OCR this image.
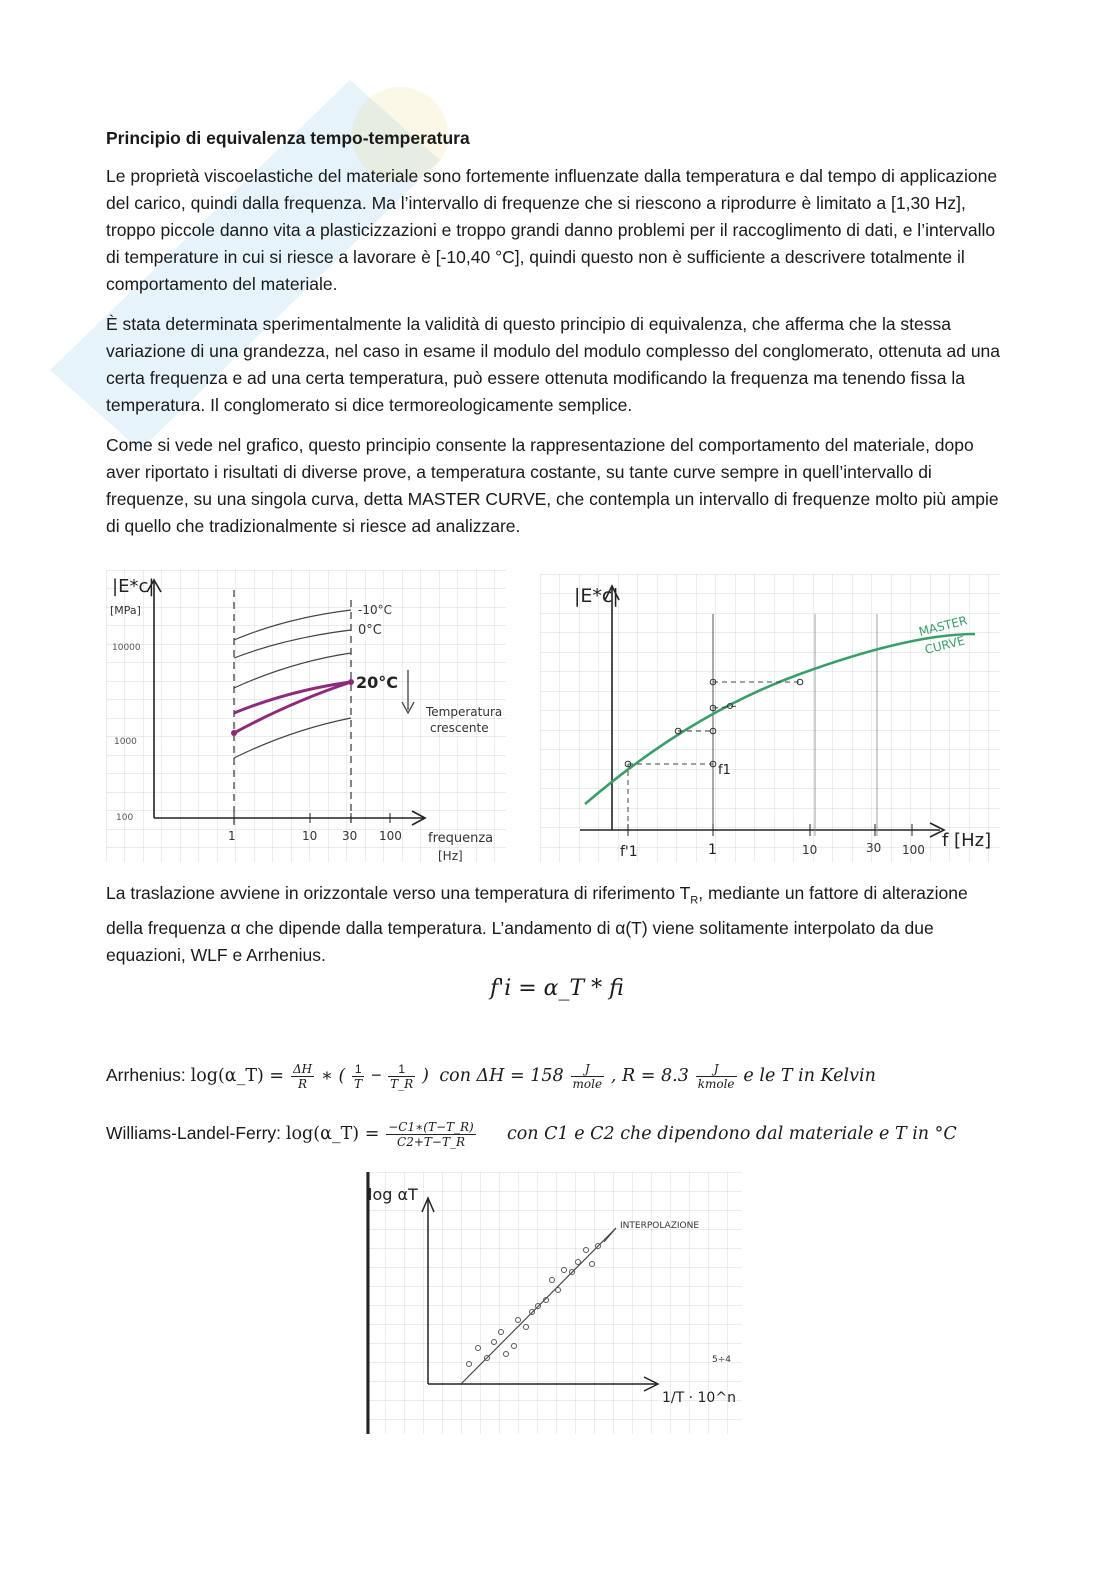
Principio di equivalenza tempo-temperatura

Le proprietà viscoelastiche del materiale sono fortemente influenzate dalla temperatura e dal tempo di applicazione del carico, quindi dalla frequenza. Ma l’intervallo di frequenze che si riescono a riprodurre è limitato a [1,30 Hz], troppo piccole danno vita a plasticizzazioni e troppo grandi danno problemi per il raccoglimento di dati, e l’intervallo di temperature in cui si riesce a lavorare è [-10,40 °C], quindi questo non è sufficiente a descrivere totalmente il comportamento del materiale.

È stata determinata sperimentalmente la validità di questo principio di equivalenza, che afferma che la stessa variazione di una grandezza, nel caso in esame il modulo del modulo complesso del conglomerato, ottenuta ad una certa frequenza e ad una certa temperatura, può essere ottenuta modificando la frequenza ma tenendo fissa la temperatura. Il conglomerato si dice termoreologicamente semplice.

Come si vede nel grafico, questo principio consente la rappresentazione del comportamento del materiale, dopo aver riportato i risultati di diverse prove, a temperatura costante, su tante curve sempre in quell’intervallo di frequenze, su una singola curva, detta MASTER CURVE, che contempla un intervallo di frequenze molto più ampie di quello che tradizionalmente si riesce ad analizzare.

|E*c|
[MPa]
10000
1000
100
1	10 30 100 frequenza
[Hz]
-10°C
0°C
20°C
Temperatura
crescente
|E*c|
f'1	1	10	30 100 f [Hz]
f1
MASTER
CURVE

La traslazione avviene in orizzontale verso una temperatura di riferimento $T_R$, mediante un fattore di alterazione della frequenza α che dipende dalla temperatura. L’andamento di α(T) viene solitamente interpolato da due equazioni, WLF e Arrhenius.

f'i = α_T * fi
Arrhenius: log(α_T) = $\frac{\Delta H}{R}$ ∗ ( $\frac{1}{T} - \frac{1}{T\_R}$ )  con $\Delta H = 158 \frac{J}{\text{mole}}$ , $R = 8.3 \frac{J}{\text{kmole}}$ e le T in Kelvin
Williams-Landel-Ferry: log(α_T) = $\frac{-C1∗(T-T\_R)}{C2+T-T\_R}$ con C1 e C2 che dipendono dal materiale e T in °C
log αT
INTERPOLAZIONE
1/T · 10^n
5÷4
